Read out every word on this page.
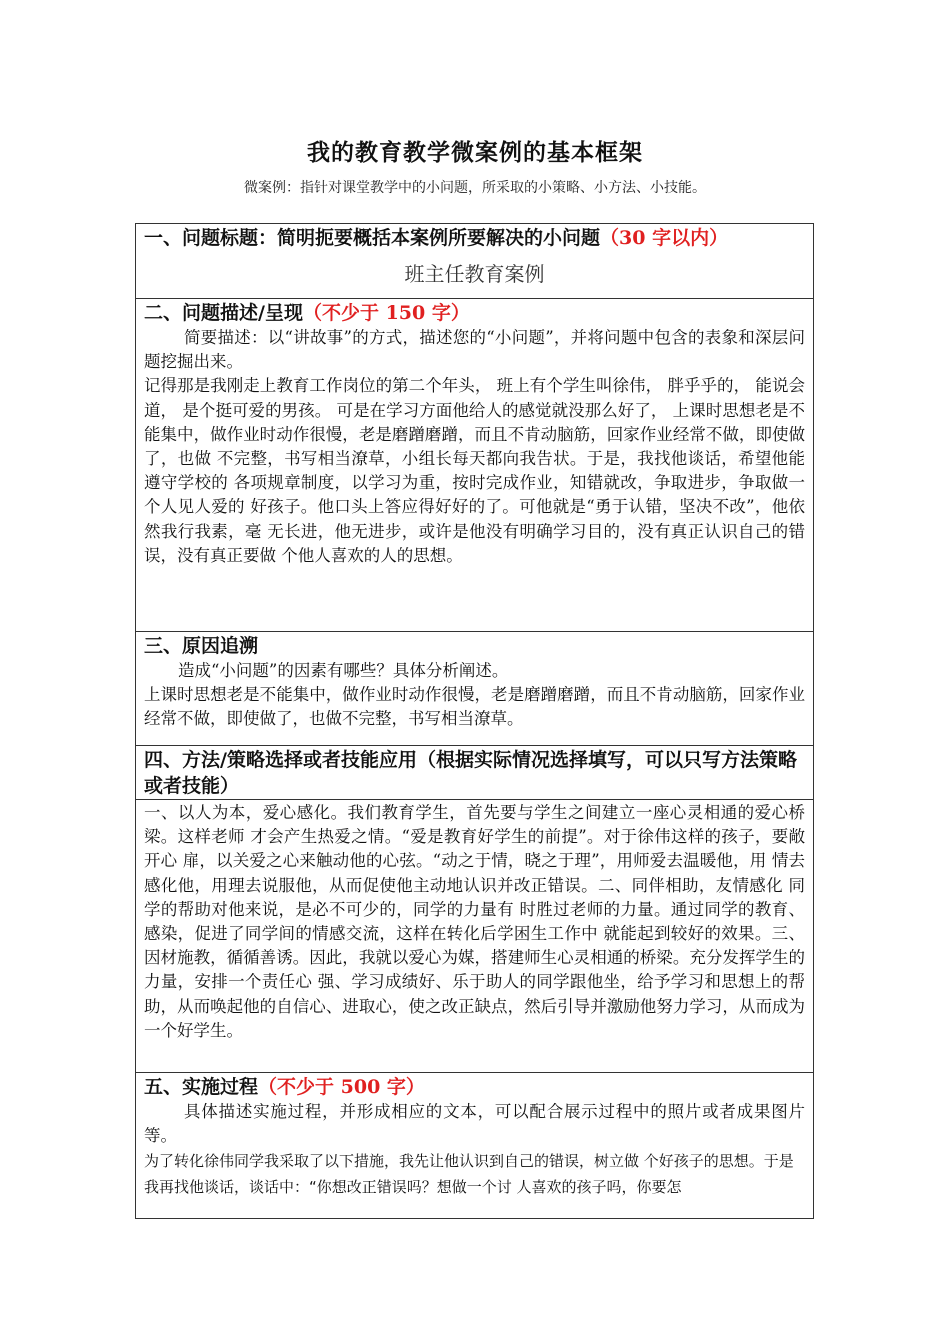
我的教育教学微案例的基本框架
微案例：指针对课堂教学中的小问题，所采取的小策略、小方法、小技能。
一、问题标题：简明扼要概括本案例所要解决的小问题（30 字以内）
班主任教育案例
二、问题描述/呈现（不少于 150 字）
简要描述：以“讲故事”的方式，描述您的“小问题”，并将问题中包含的表象和深层问题挖掘出来。
记得那是我刚走上教育工作岗位的第二个年头， 班上有个学生叫徐伟， 胖乎乎的， 能说会道， 是个挺可爱的男孩。 可是在学习方面他给人的感觉就没那么好了， 上课时思想老是不能集中，做作业时动作很慢，老是磨蹭磨蹭，而且不肯动脑筋，回家作业经常不做，即使做了，也做 不完整，书写相当潦草，小组长每天都向我告状。于是，我找他谈话，希望他能遵守学校的 各项规章制度，以学习为重，按时完成作业，知错就改，争取进步，争取做一个人见人爱的 好孩子。他口头上答应得好好的了。可他就是“勇于认错，坚决不改”，他依然我行我素，毫 无长进，他无进步，或许是他没有明确学习目的，没有真正认识自己的错误，没有真正要做 个他人喜欢的人的思想。
三、原因追溯
造成“小问题”的因素有哪些？具体分析阐述。
上课时思想老是不能集中，做作业时动作很慢，老是磨蹭磨蹭，而且不肯动脑筋，回家作业 经常不做，即使做了，也做不完整，书写相当潦草。
四、方法/策略选择或者技能应用（根据实际情况选择填写，可以只写方法策略或者技能）
一、以人为本，爱心感化。我们教育学生，首先要与学生之间建立一座心灵相通的爱心桥梁。这样老师 才会产生热爱之情。“爱是教育好学生的前提”。对于徐伟这样的孩子，要敞开心 扉，以关爱之心来触动他的心弦。“动之于情，晓之于理”，用师爱去温暖他，用 情去感化他，用理去说服他，从而促使他主动地认识并改正错误。二、同伴相助，友情感化 同学的帮助对他来说，是必不可少的，同学的力量有 时胜过老师的力量。通过同学的教育、感染，促进了同学间的情感交流，这样在转化后学困生工作中 就能起到较好的效果。三、因材施教，循循善诱。因此，我就以爱心为媒，搭建师生心灵相通的桥梁。充分发挥学生的力量，安排一个责任心 强、学习成绩好、乐于助人的同学跟他坐，给予学习和思想上的帮助，从而唤起他的自信心、进取心，使之改正缺点，然后引导并激励他努力学习，从而成为一个好学生。
五、实施过程（不少于 500 字）
具体描述实施过程，并形成相应的文本，可以配合展示过程中的照片或者成果图片等。
为了转化徐伟同学我采取了以下措施，我先让他认识到自己的错误，树立做 个好孩子的思想。于是我再找他谈话，谈话中：“你想改正错误吗？想做一个讨 人喜欢的孩子吗，你要怎
